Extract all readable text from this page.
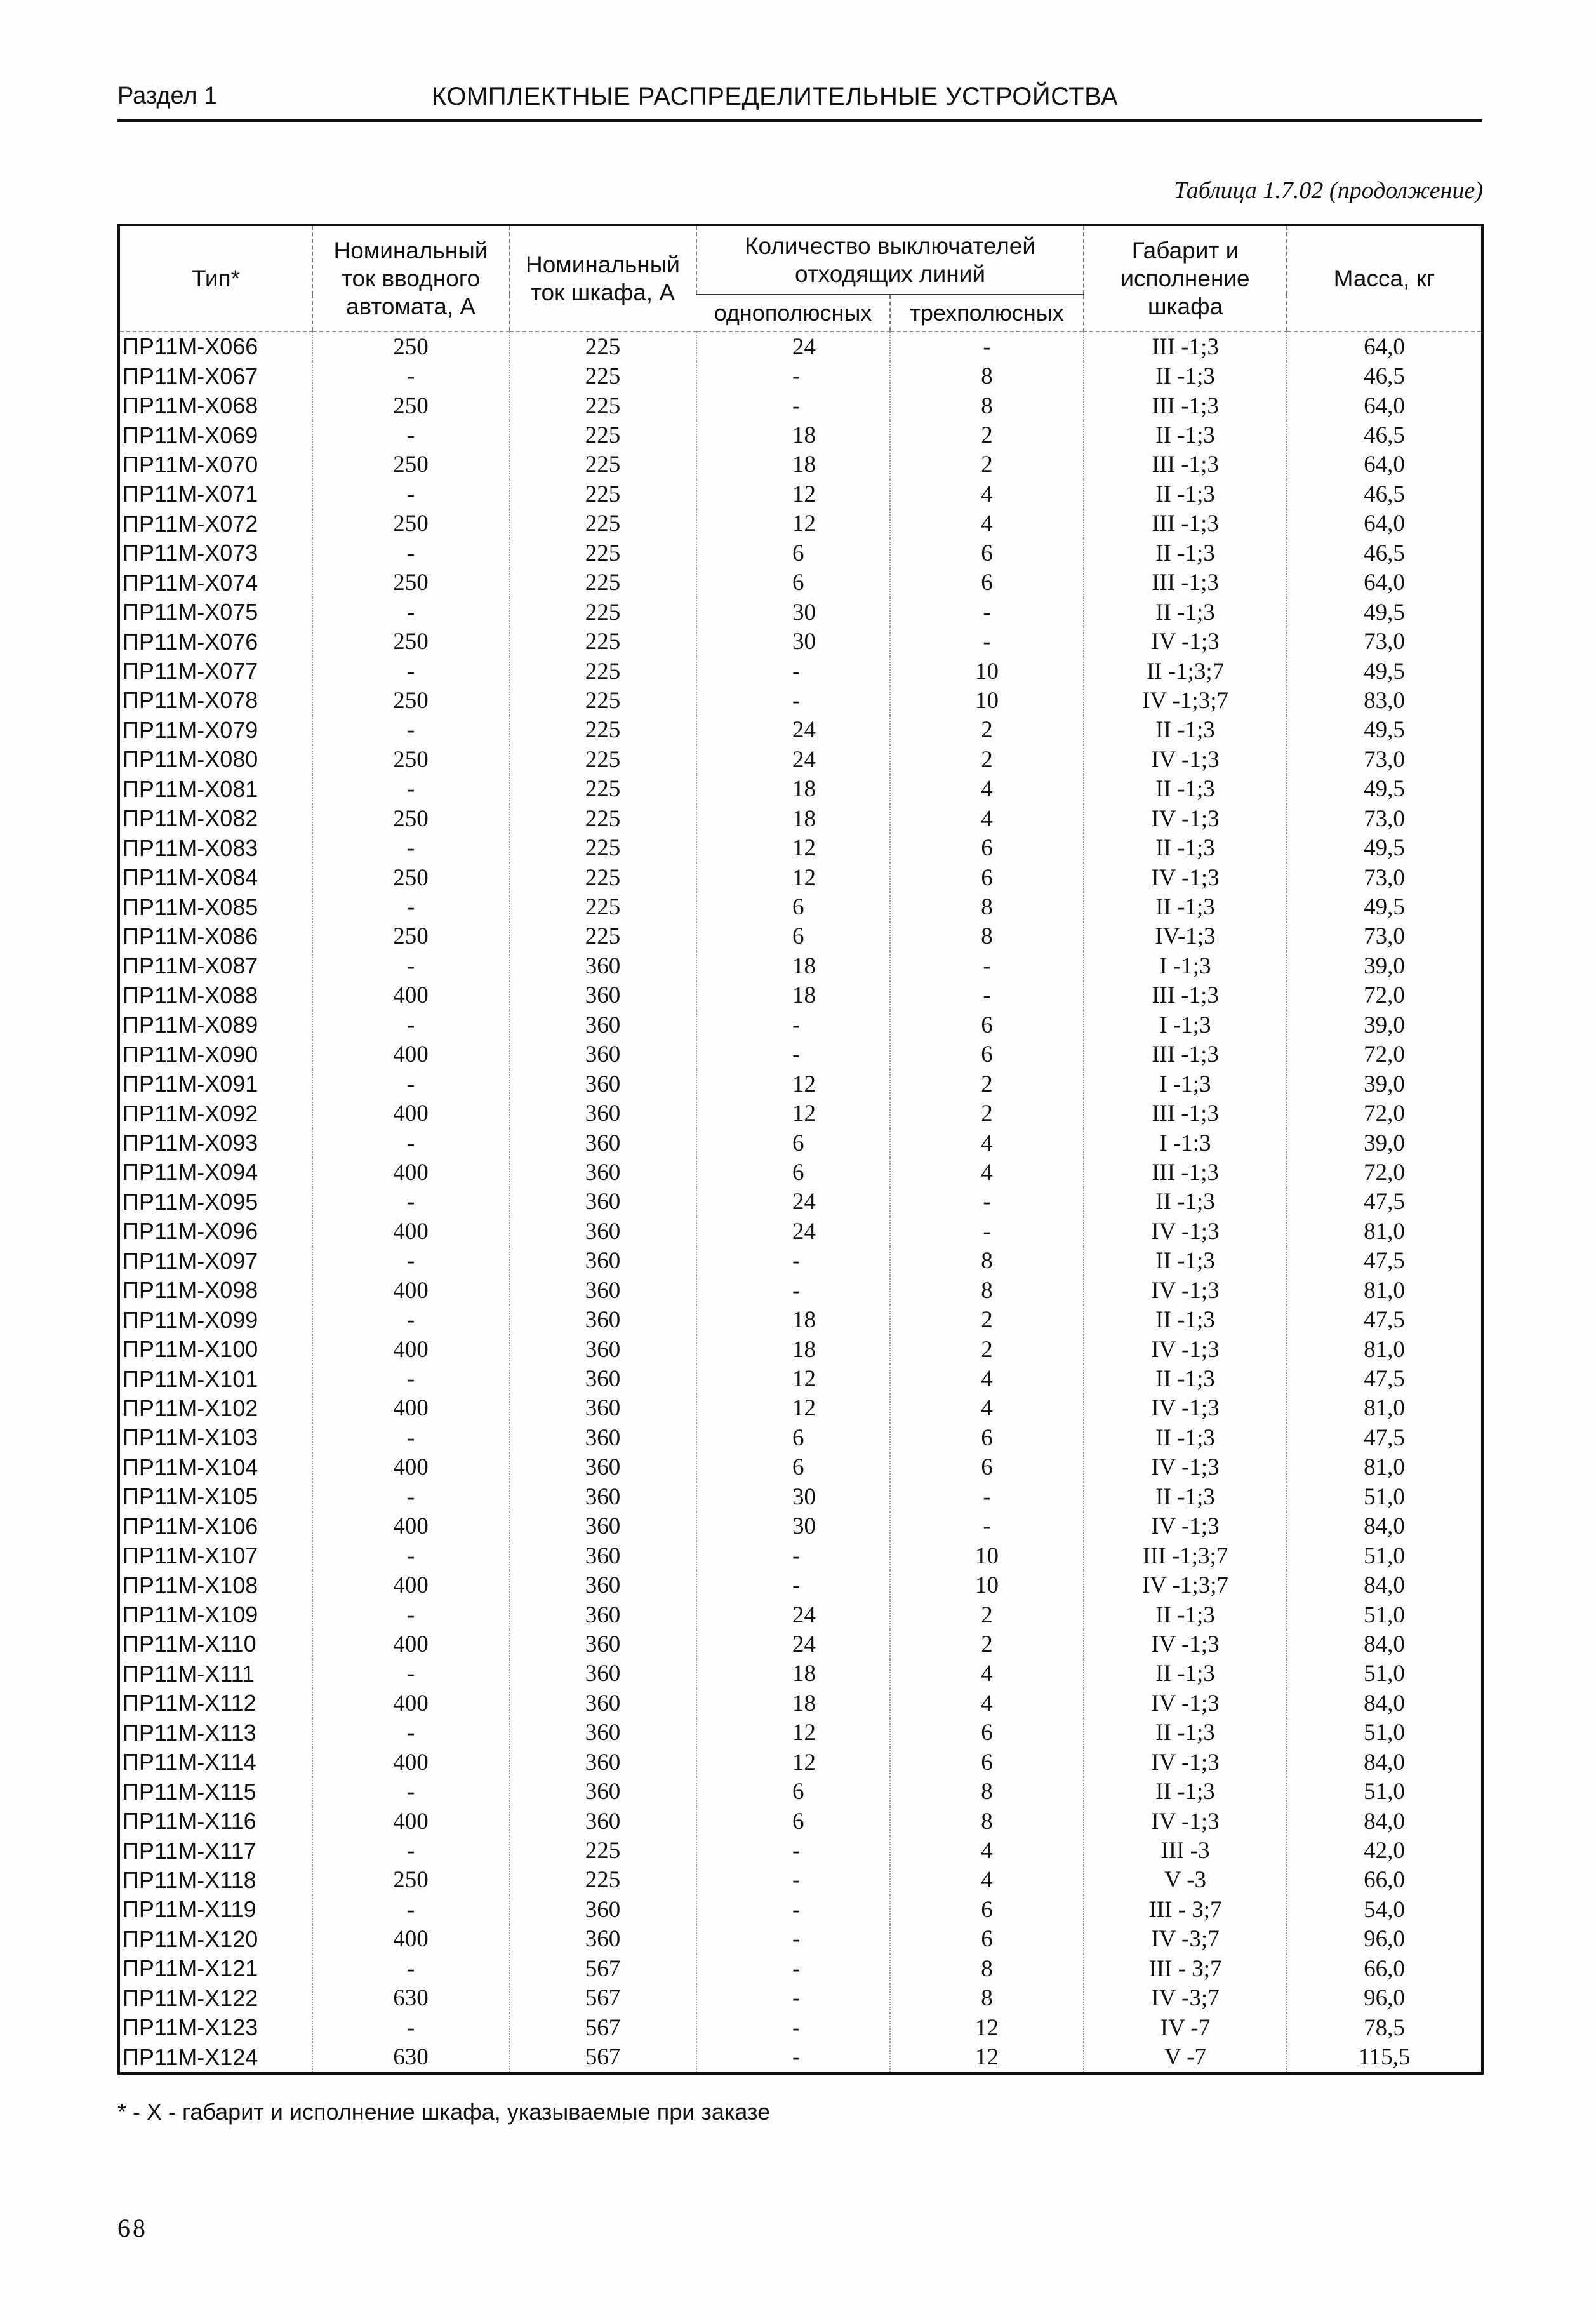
Раздел 1	КОМПЛЕКТНЫЕ РАСПРЕДЕЛИТЕЛЬНЫЕ УСТРОЙСТВА
Таблица 1.7.02 (продолжение)
Тип*	Номинальный ток вводного автомата, А	Номинальный ток шкафа, А	Количество выключателей отходящих линий		Габарит и исполнение шкафа	Масса, кг
			однополюсных	трехполюсных		
ПР11М-Х066	250	225	24	-	III -1;3	64,0
ПР11М-Х067	-	225	-	8	II -1;3	46,5
ПР11М-Х068	250	225	-	8	III -1;3	64,0
ПР11М-Х069	-	225	18	2	II -1;3	46,5
ПР11М-Х070	250	225	18	2	III -1;3	64,0
ПР11М-Х071	-	225	12	4	II -1;3	46,5
ПР11М-Х072	250	225	12	4	III -1;3	64,0
ПР11М-Х073	-	225	6	6	II -1;3	46,5
ПР11М-Х074	250	225	6	6	III -1;3	64,0
ПР11М-Х075	-	225	30	-	II -1;3	49,5
ПР11М-Х076	250	225	30	-	IV -1;3	73,0
ПР11М-Х077	-	225	-	10	II -1;3;7	49,5
ПР11М-Х078	250	225	-	10	IV -1;3;7	83,0
ПР11М-Х079	-	225	24	2	II -1;3	49,5
ПР11М-Х080	250	225	24	2	IV -1;3	73,0
ПР11М-Х081	-	225	18	4	II -1;3	49,5
ПР11М-Х082	250	225	18	4	IV -1;3	73,0
ПР11М-Х083	-	225	12	6	II -1;3	49,5
ПР11М-Х084	250	225	12	6	IV -1;3	73,0
ПР11М-Х085	-	225	6	8	II -1;3	49,5
ПР11М-Х086	250	225	6	8	IV-1;3	73,0
ПР11М-Х087	-	360	18	-	I -1;3	39,0
ПР11М-Х088	400	360	18	-	III -1;3	72,0
ПР11М-Х089	-	360	-	6	I -1;3	39,0
ПР11М-Х090	400	360	-	6	III -1;3	72,0
ПР11М-Х091	-	360	12	2	I -1;3	39,0
ПР11М-Х092	400	360	12	2	III -1;3	72,0
ПР11М-Х093	-	360	6	4	I -1:3	39,0
ПР11М-Х094	400	360	6	4	III -1;3	72,0
ПР11М-Х095	-	360	24	-	II -1;3	47,5
ПР11М-Х096	400	360	24	-	IV -1;3	81,0
ПР11М-Х097	-	360	-	8	II -1;3	47,5
ПР11М-Х098	400	360	-	8	IV -1;3	81,0
ПР11М-Х099	-	360	18	2	II -1;3	47,5
ПР11М-Х100	400	360	18	2	IV -1;3	81,0
ПР11М-Х101	-	360	12	4	II -1;3	47,5
ПР11М-Х102	400	360	12	4	IV -1;3	81,0
ПР11М-Х103	-	360	6	6	II -1;3	47,5
ПР11М-Х104	400	360	6	6	IV -1;3	81,0
ПР11М-Х105	-	360	30	-	II -1;3	51,0
ПР11М-Х106	400	360	30	-	IV -1;3	84,0
ПР11М-Х107	-	360	-	10	III -1;3;7	51,0
ПР11М-Х108	400	360	-	10	IV -1;3;7	84,0
ПР11М-Х109	-	360	24	2	II -1;3	51,0
ПР11М-Х110	400	360	24	2	IV -1;3	84,0
ПР11М-Х111	-	360	18	4	II -1;3	51,0
ПР11М-Х112	400	360	18	4	IV -1;3	84,0
ПР11М-Х113	-	360	12	6	II -1;3	51,0
ПР11М-Х114	400	360	12	6	IV -1;3	84,0
ПР11М-Х115	-	360	6	8	II -1;3	51,0
ПР11М-Х116	400	360	6	8	IV -1;3	84,0
ПР11М-Х117	-	225	-	4	III -3	42,0
ПР11М-Х118	250	225	-	4	V -3	66,0
ПР11М-Х119	-	360	-	6	III - 3;7	54,0
ПР11М-Х120	400	360	-	6	IV -3;7	96,0
ПР11М-Х121	-	567	-	8	III - 3;7	66,0
ПР11М-Х122	630	567	-	8	IV -3;7	96,0
ПР11М-Х123	-	567	-	12	IV -7	78,5
ПР11М-Х124	630	567	-	12	V -7	115,5
* - Х - габарит и исполнение шкафа, указываемые при заказе
68
